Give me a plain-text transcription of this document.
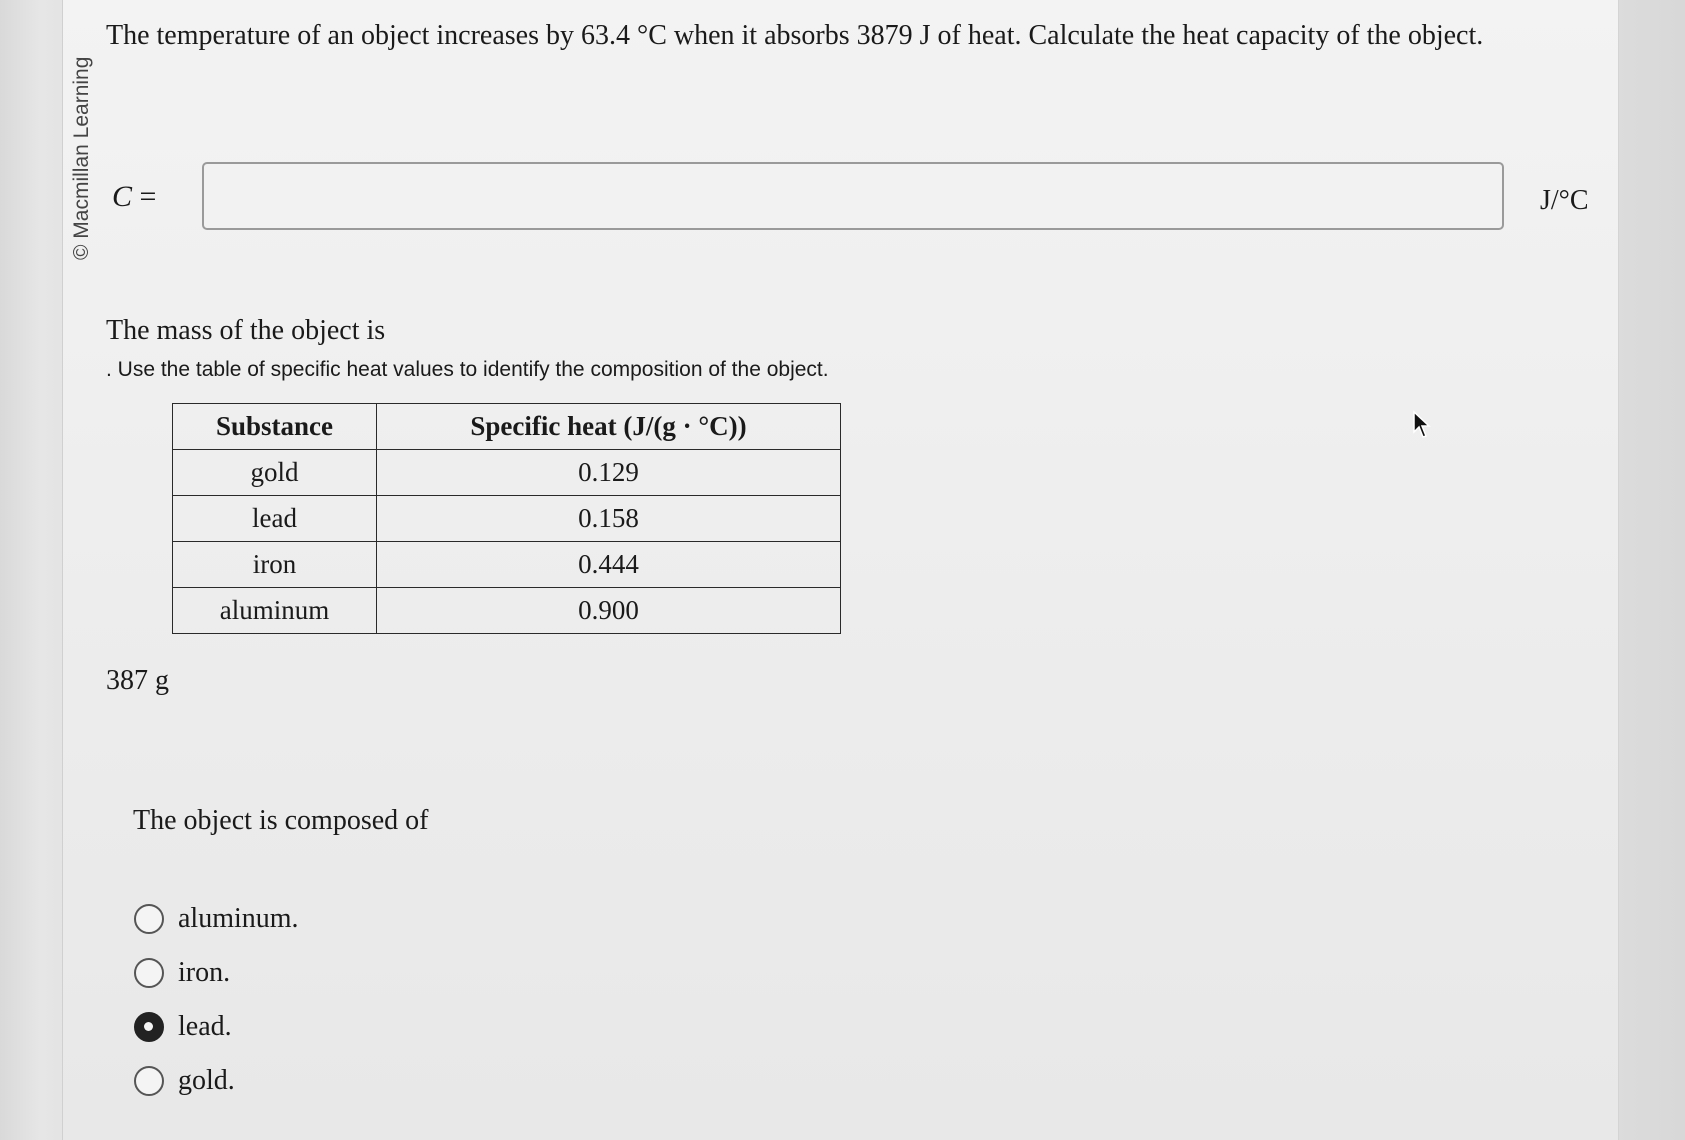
© Macmillan Learning
The temperature of an object increases by 63.4 °C when it absorbs 3879 J of heat. Calculate the heat capacity of the object.
C =	J/°C
The mass of the object is
. Use the table of specific heat values to identify the composition of the object.
Substance	Specific heat (J/(g · °C))
gold	0.129
lead	0.158
iron	0.444
aluminum	0.900
387 g
The object is composed of
aluminum.
iron.
lead.
gold.
